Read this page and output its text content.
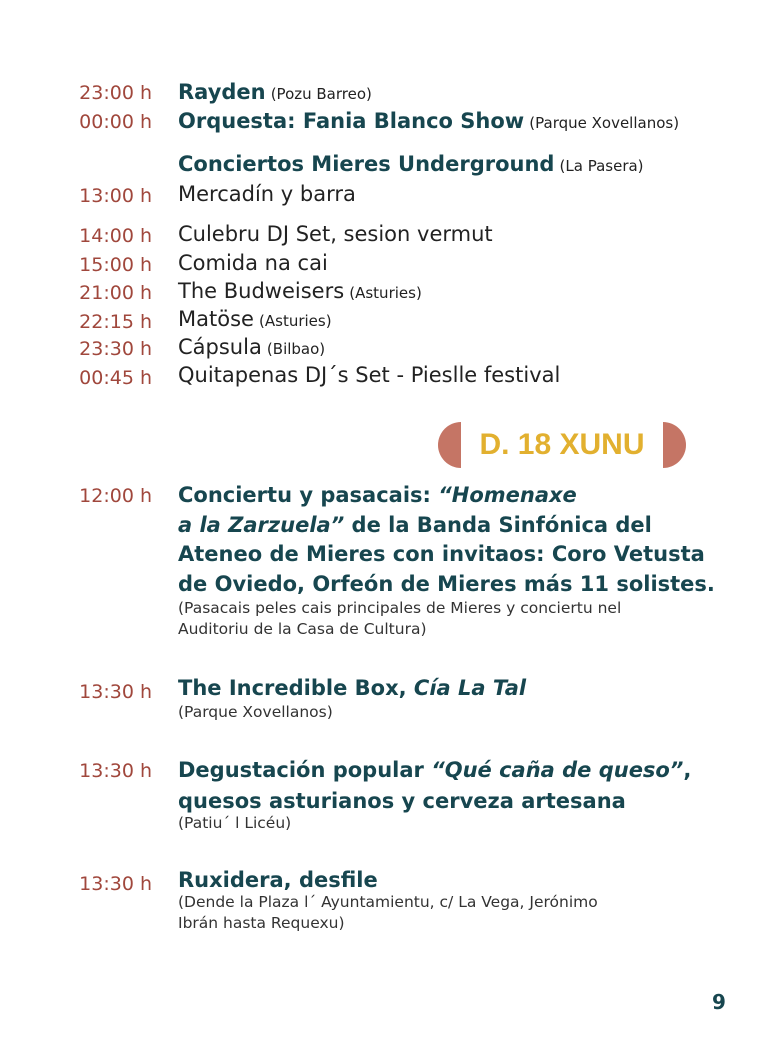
23:00 h Rayden (Pozu Barreo)
00:00 h Orquesta: Fania Blanco Show (Parque Xovellanos)
Conciertos Mieres Underground (La Pasera)
13:00 h Mercadín y barra
14:00 h Culebru DJ Set, sesion vermut
15:00 h Comida na cai
21:00 h The Budweisers (Asturies)
22:15 h Matöse (Asturies)
23:30 h Cápsula (Bilbao)
00:45 h Quitapenas DJ´s Set - Pieslle festival
D. 18 XUNU
12:00 h Conciertu y pasacais: “Homenaxe
a la Zarzuela” de la Banda Sinfónica del
Ateneo de Mieres con invitaos: Coro Vetusta
de Oviedo, Orfeón de Mieres más 11 solistes.
(Pasacais peles cais principales de Mieres y conciertu nel
Auditoriu de la Casa de Cultura)
13:30 h The Incredible Box, Cía La Tal
(Parque Xovellanos)
13:30 h Degustación popular “Qué caña de queso”,
quesos asturianos y cerveza artesana
(Patiu´ l Licéu)
13:30 h Ruxidera, desfile
(Dende la Plaza l´ Ayuntamientu, c/ La Vega, Jerónimo
Ibrán hasta Requexu)
9
